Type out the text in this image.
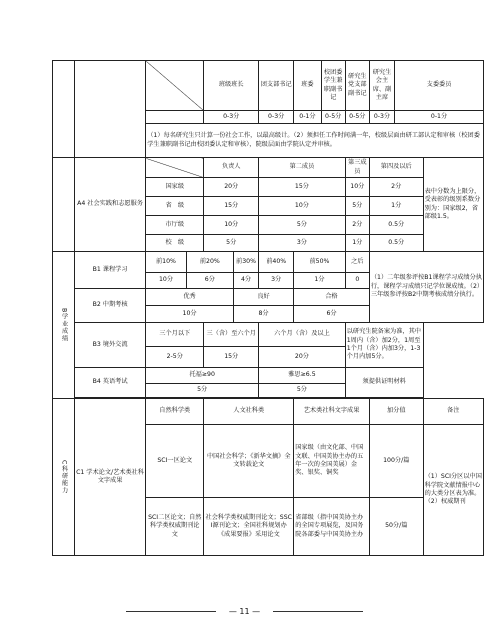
				班级班长		团支部书记	班委	校团委学生兼职副书记	研究生党支部副书记	研究生会主席、副主席	支委委员	
				0-3分		0-3分	0-1分	0-5分	0-5分	0-3分	0-1分	
		（1）每名研究生只计算一份社会工作，以最高级计。（2）须担任工作时间满一年，校级层面由研工部认定和审核（校团委学生兼职副书记由校团委认定和审核），院级层面由学院认定并审核。										
	A4 社会实践和志愿服务			负责人		第二成员			第三成员	第四及以后		表中分数为上限分，受表彰的级别系数分别为：国家级2，省部级1.5。
		国家级		20分		15分			10分	2分		
		省　级		15分		10分			5分	1分		
		市厅级		10分		5分			2分	0.5分		
		校　级		5分		3分			1分	0.5分		
B学业成绩	B1 课程学习	前10%	前20%		前30%	前40%	前50%		之后	（1）二年级参评按B1课程学习成绩分执行，课程学习成绩只记学位课成绩。（2）三年级参评按B2中期考核成绩分执行。		
		10分	6分		4分	3分	1分		0			
	B2 中期考核	优秀			良好		合格					
		10分			8分		6分					
	B3 境外交流	三个月以下		三（含）至六个月		六个月（含）及以上			以研究生院备案为准，其中1周内（含）加2分，1周至1个月（含）内加3分，1-3个月内加5分。			
		2-5分		15分		20分						
	B4 英语考试	托福≥90				雅思≥6.5			须提供证明材料			
		5分				5分						

C科研能力	C1 学术论文/艺术类社科文字成果	自然科学类		人文社科类			艺术类社科文字成果			加分值		备注
		SCI一区论文		中国社会科学；《新华文摘》全文转载论文			国家级（由文化部、中国文联、中国美协主办的五年一次的全国美展）金奖、银奖、铜奖			100分/篇		（1）SCI分区以中国科学院文献情报中心的大类分区表为准。（2）权威期刊
		SCI二区论文；自然科学类权威期刊论文		社会科学类权威期刊论文；SSCI源刊论文；全国社科规划办《成果要报》采用论文			省部级（指中国美协主办的全国专项展览，及国务院各部委与中国美协主办			50分/篇		
— 11 —
